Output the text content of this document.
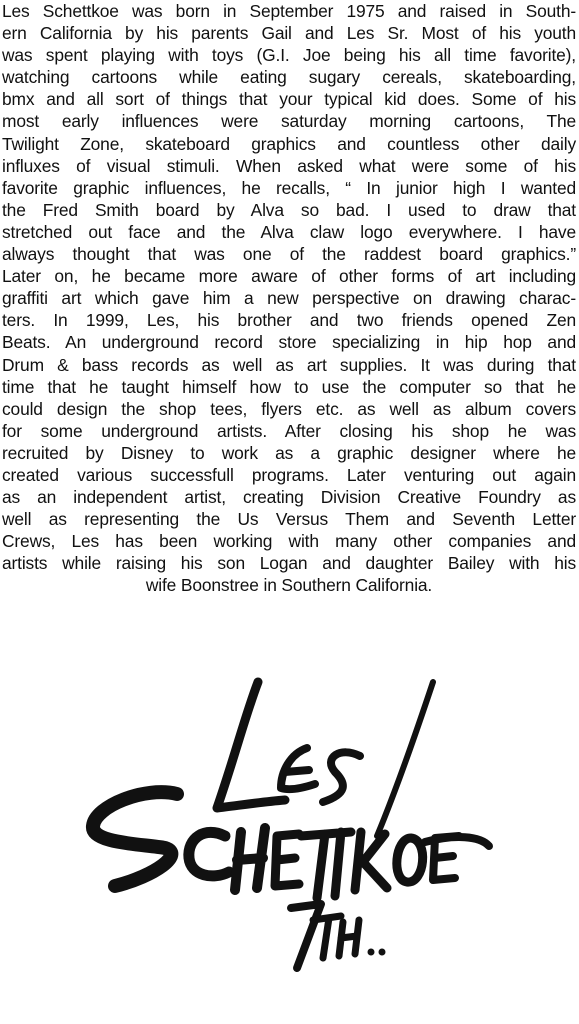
Les Schettkoe was born in September 1975 and raised in South-
ern California by his parents Gail and Les Sr. Most of his youth
was spent playing with toys (G.I. Joe being his all time favorite),
watching cartoons while eating sugary cereals, skateboarding,
bmx and all sort of things that your typical kid does. Some of his
most early influences were saturday morning cartoons, The
Twilight Zone, skateboard graphics and countless other daily
influxes of visual stimuli. When asked what were some of his
favorite graphic influences, he recalls, “ In junior high I wanted
the Fred Smith board by Alva so bad. I used to draw that
stretched out face and the Alva claw logo everywhere. I have
always thought that was one of the raddest board graphics.”
Later on, he became more aware of other forms of art including
graffiti art which gave him a new perspective on drawing charac-
ters. In 1999, Les, his brother and two friends opened Zen
Beats. An underground record store specializing in hip hop and
Drum & bass records as well as art supplies. It was during that
time that he taught himself how to use the computer so that he
could design the shop tees, flyers etc. as well as album covers
for some underground artists. After closing his shop he was
recruited by Disney to work as a graphic designer where he
created various successfull programs. Later venturing out again
as an independent artist, creating Division Creative Foundry as
well as representing the Us Versus Them and Seventh Letter
Crews, Les has been working with many other companies and
artists while raising his son Logan and daughter Bailey with his
wife Boonstree in Southern California.
